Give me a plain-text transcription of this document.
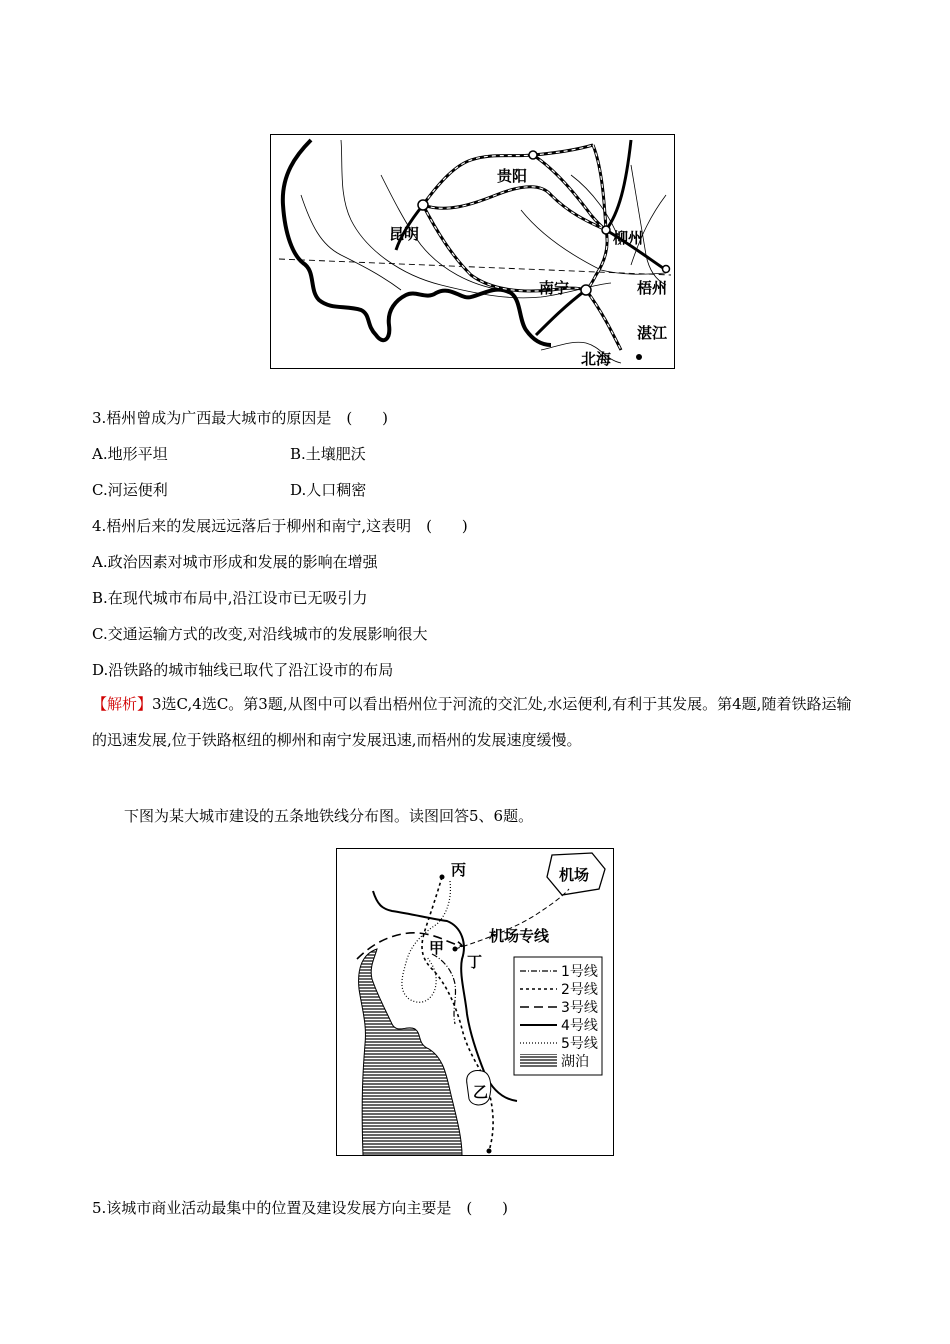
贵阳
昆明	柳州
南宁	梧州
湛江
北海
3.梧州曾成为广西最大城市的原因是　(　　)
A.地形平坦	B.土壤肥沃
C.河运便利	D.人口稠密
4.梧州后来的发展远远落后于柳州和南宁,这表明　(　　)
A.政治因素对城市形成和发展的影响在增强
B.在现代城市布局中,沿江设市已无吸引力
C.交通运输方式的改变,对沿线城市的发展影响很大
D.沿铁路的城市轴线已取代了沿江设市的布局
【解析】3选C,4选C。第3题,从图中可以看出梧州位于河流的交汇处,水运便利,有利于其发展。第4题,随着铁路运输的迅速发展,位于铁路枢纽的柳州和南宁发展迅速,而梧州的发展速度缓慢。
下图为某大城市建设的五条地铁线分布图。读图回答5、6题。
丙
甲
丁
乙
机场
机场专线
1号线
2号线
3号线
4号线
5号线
湖泊
5.该城市商业活动最集中的位置及建设发展方向主要是　(　　)
